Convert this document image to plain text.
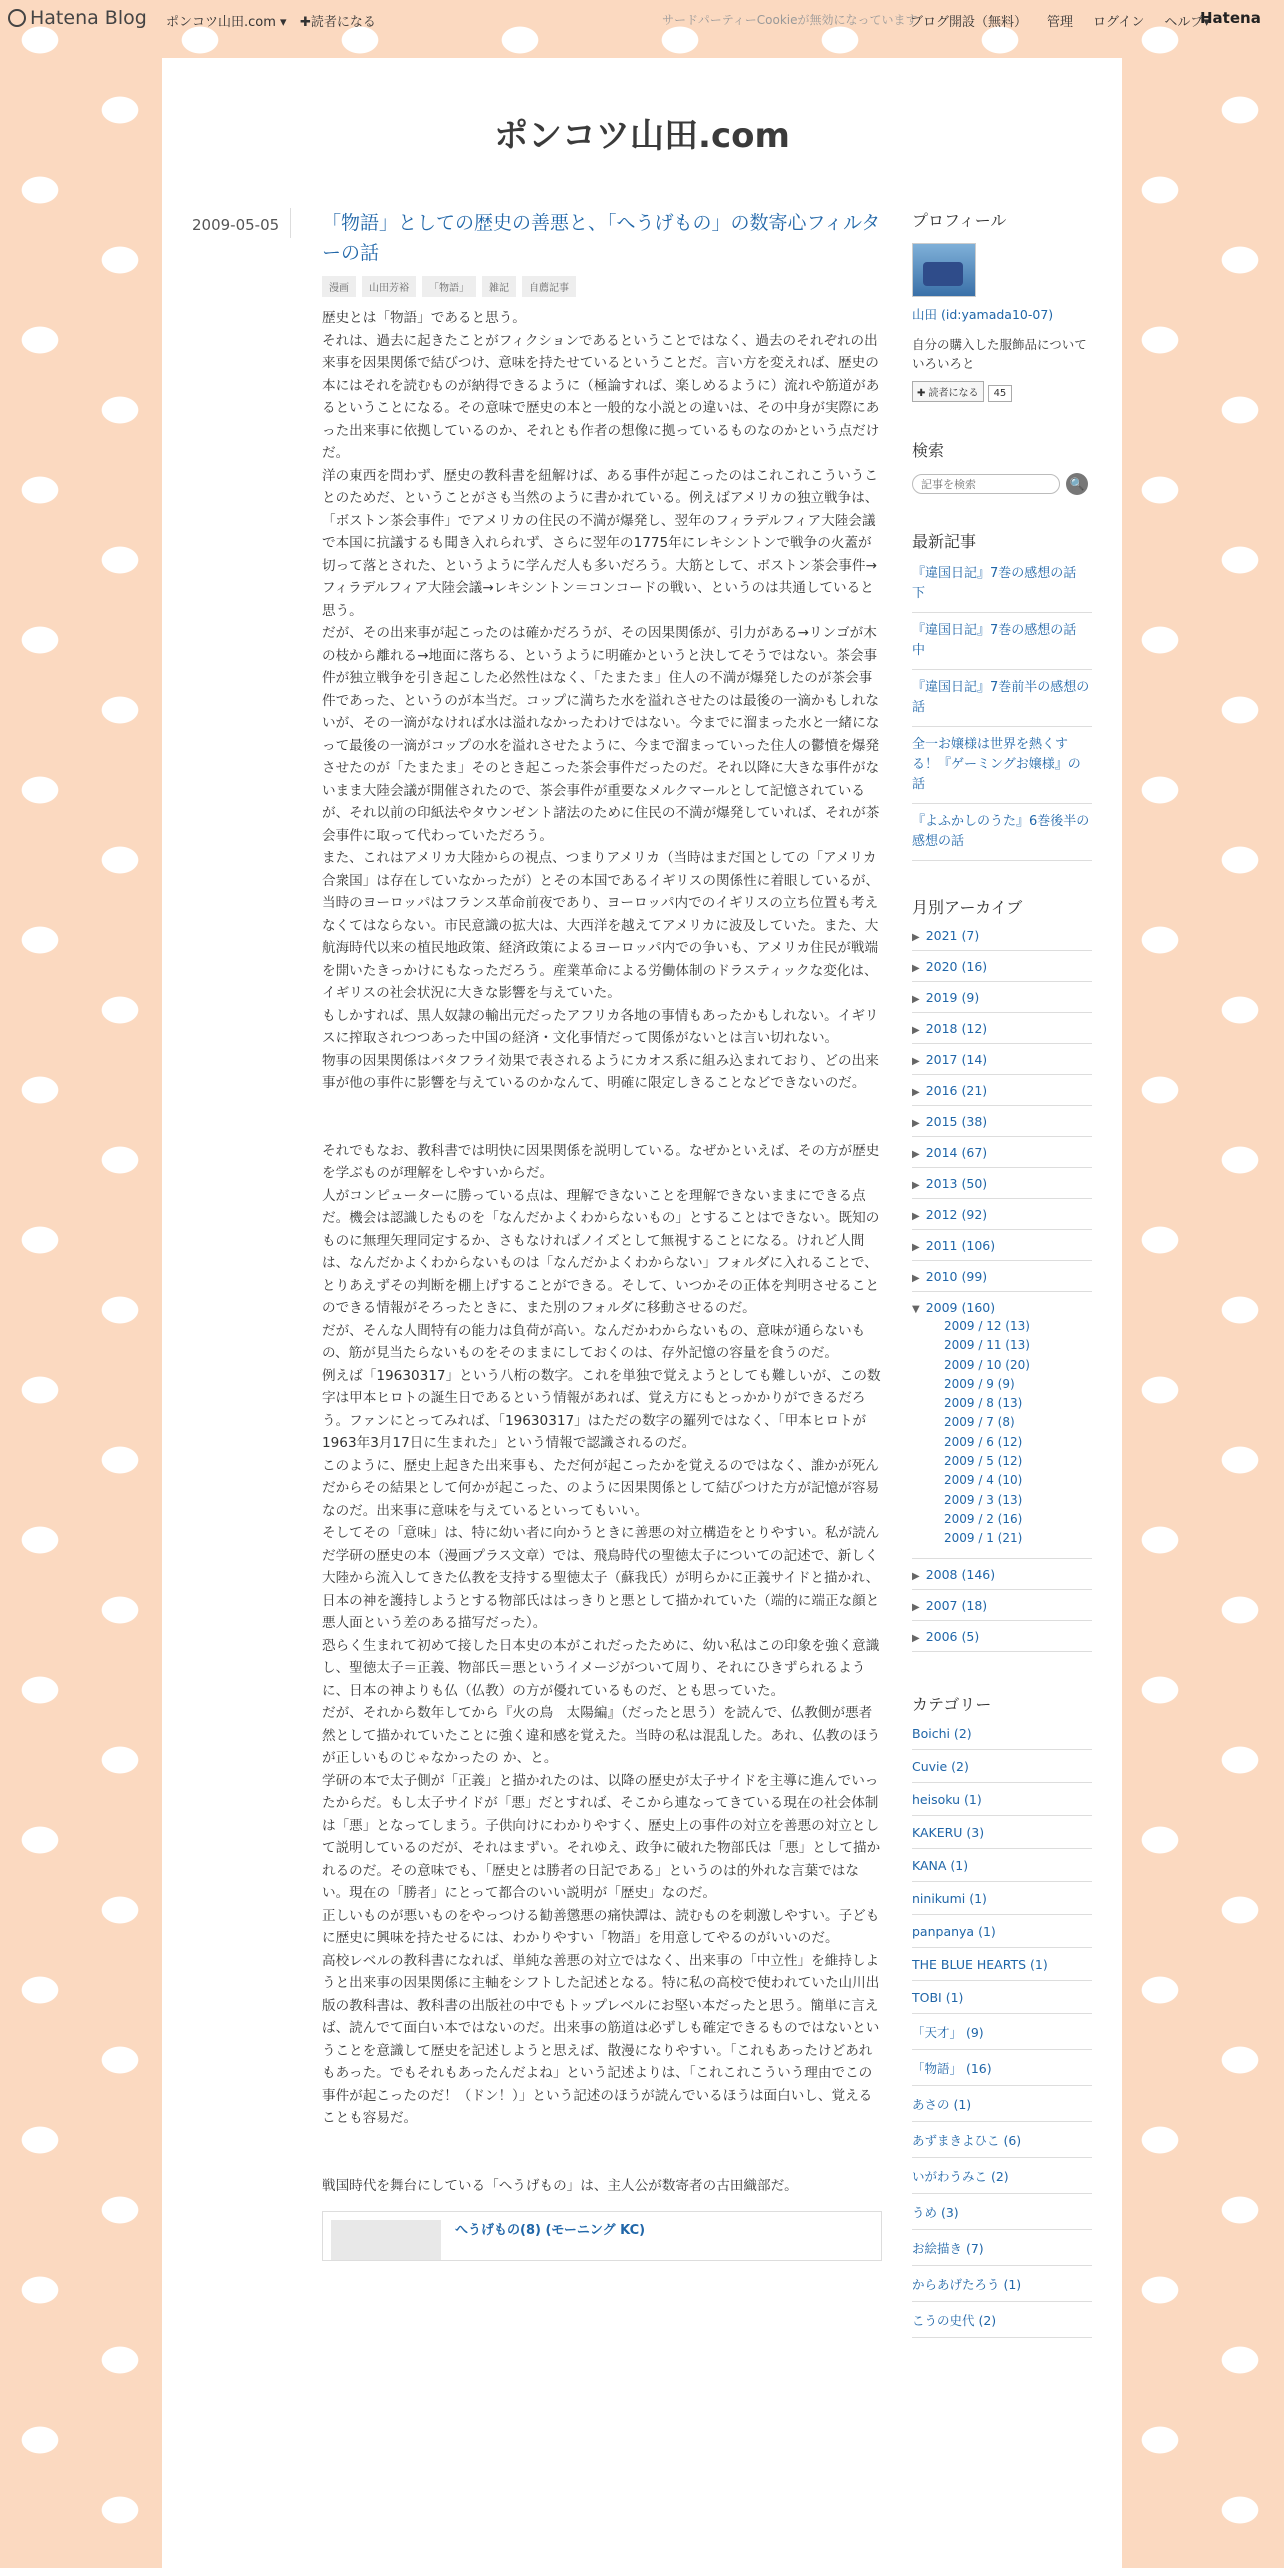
Hatena Blog ポンコツ山田.com ▾ ✚読者になる	サードパーティーCookieが無効になっています
ブログ開設（無料） 管理 ログイン ヘルプ▾
Hatena
ポンコツ山田.com
2009-05-05	「物語」としての歴史の善悪と、「へうげもの」の数寄心フィルターの話
漫画	山田芳裕	「物語」	雑記	自薦記事

歴史とは「物語」であると思う。

それは、過去に起きたことがフィクションであるということではなく、過去のそれぞれの出来事を因果関係で結びつけ、意味を持たせているということだ。言い方を変えれば、歴史の本にはそれを読むものが納得できるように（極論すれば、楽しめるように）流れや筋道があるということになる。その意味で歴史の本と一般的な小説との違いは、その中身が実際にあった出来事に依拠しているのか、それとも作者の想像に拠っているものなのかという点だけだ。

洋の東西を問わず、歴史の教科書を紐解けば、ある事件が起こったのはこれこれこういうことのためだ、ということがさも当然のように書かれている。例えばアメリカの独立戦争は、「ボストン茶会事件」でアメリカの住民の不満が爆発し、翌年のフィラデルフィア大陸会議で本国に抗議するも聞き入れられず、さらに翌年の1775年にレキシントンで戦争の火蓋が切って落とされた、というように学んだ人も多いだろう。大筋として、ボストン茶会事件→フィラデルフィア大陸会議→レキシントン＝コンコードの戦い、というのは共通していると思う。

だが、その出来事が起こったのは確かだろうが、その因果関係が、引力がある→リンゴが木の枝から離れる→地面に落ちる、というように明確かというと決してそうではない。茶会事件が独立戦争を引き起こした必然性はなく、「たまたま」住人の不満が爆発したのが茶会事件であった、というのが本当だ。コップに満ちた水を溢れさせたのは最後の一滴かもしれないが、その一滴がなければ水は溢れなかったわけではない。今までに溜まった水と一緒になって最後の一滴がコップの水を溢れさせたように、今まで溜まっていった住人の鬱憤を爆発させたのが「たまたま」そのとき起こった茶会事件だったのだ。それ以降に大きな事件がないまま大陸会議が開催されたので、茶会事件が重要なメルクマールとして記憶されているが、それ以前の印紙法やタウンゼント諸法のために住民の不満が爆発していれば、それが茶会事件に取って代わっていただろう。

また、これはアメリカ大陸からの視点、つまりアメリカ（当時はまだ国としての「アメリカ合衆国」は存在していなかったが）とその本国であるイギリスの関係性に着眼しているが、当時のヨーロッパはフランス革命前夜であり、ヨーロッパ内でのイギリスの立ち位置も考えなくてはならない。市民意識の拡大は、大西洋を越えてアメリカに波及していた。また、大航海時代以来の植民地政策、経済政策によるヨーロッパ内での争いも、アメリカ住民が戦端を開いたきっかけにもなっただろう。産業革命による労働体制のドラスティックな変化は、イギリスの社会状況に大きな影響を与えていた。

もしかすれば、黒人奴隷の輸出元だったアフリカ各地の事情もあったかもしれない。イギリスに搾取されつつあった中国の経済・文化事情だって関係がないとは言い切れない。

物事の因果関係はバタフライ効果で表されるようにカオス系に組み込まれており、どの出来事が他の事件に影響を与えているのかなんて、明確に限定しきることなどできないのだ。

それでもなお、教科書では明快に因果関係を説明している。なぜかといえば、その方が歴史を学ぶものが理解をしやすいからだ。

人がコンピューターに勝っている点は、理解できないことを理解できないままにできる点だ。機会は認識したものを「なんだかよくわからないもの」とすることはできない。既知のものに無理矢理同定するか、さもなければノイズとして無視することになる。けれど人間は、なんだかよくわからないものは「なんだかよくわからない」フォルダに入れることで、とりあえずその判断を棚上げすることができる。そして、いつかその正体を判明させることのできる情報がそろったときに、また別のフォルダに移動させるのだ。

だが、そんな人間特有の能力は負荷が高い。なんだかわからないもの、意味が通らないもの、筋が見当たらないものをそのままにしておくのは、存外記憶の容量を食うのだ。

例えば「19630317」という八桁の数字。これを単独で覚えようとしても難しいが、この数字は甲本ヒロトの誕生日であるという情報があれば、覚え方にもとっかかりができるだろう。ファンにとってみれば、「19630317」はただの数字の羅列ではなく、「甲本ヒロトが1963年3月17日に生まれた」という情報で認識されるのだ。

このように、歴史上起きた出来事も、ただ何が起こったかを覚えるのではなく、誰かが死んだからその結果として何かが起こった、のように因果関係として結びつけた方が記憶が容易なのだ。出来事に意味を与えているといってもいい。

そしてその「意味」は、特に幼い者に向かうときに善悪の対立構造をとりやすい。私が読んだ学研の歴史の本（漫画プラス文章）では、飛鳥時代の聖徳太子についての記述で、新しく大陸から流入してきた仏教を支持する聖徳太子（蘇我氏）が明らかに正義サイドと描かれ、日本の神を護持しようとする物部氏ははっきりと悪として描かれていた（端的に端正な顔と悪人面という差のある描写だった）。

恐らく生まれて初めて接した日本史の本がこれだったために、幼い私はこの印象を強く意識し、聖徳太子＝正義、物部氏＝悪というイメージがついて周り、それにひきずられるように、日本の神よりも仏（仏教）の方が優れているものだ、とも思っていた。

だが、それから数年してから『火の鳥　太陽編』（だったと思う）を読んで、仏教側が悪者然として描かれていたことに強く違和感を覚えた。当時の私は混乱した。あれ、仏教のほうが正しいものじゃなかったの か、と。

学研の本で太子側が「正義」と描かれたのは、以降の歴史が太子サイドを主導に進んでいったからだ。もし太子サイドが「悪」だとすれば、そこから連なってきている現在の社会体制は「悪」となってしまう。子供向けにわかりやすく、歴史上の事件の対立を善悪の対立として説明しているのだが、それはまずい。それゆえ、政争に破れた物部氏は「悪」として描かれるのだ。その意味でも、「歴史とは勝者の日記である」というのは的外れな言葉ではない。現在の「勝者」にとって都合のいい説明が「歴史」なのだ。

正しいものが悪いものをやっつける勧善懲悪の痛快譚は、読むものを刺激しやすい。子どもに歴史に興味を持たせるには、わかりやすい「物語」を用意してやるのがいいのだ。

高校レベルの教科書になれば、単純な善悪の対立ではなく、出来事の「中立性」を維持しようと出来事の因果関係に主軸をシフトした記述となる。特に私の高校で使われていた山川出版の教科書は、教科書の出版社の中でもトップレベルにお堅い本だったと思う。簡単に言えば、読んでて面白い本ではないのだ。出来事の筋道は必ずしも確定できるものではないということを意識して歴史を記述しようと思えば、散漫になりやすい。「これもあったけどあれもあった。でもそれもあったんだよね」という記述よりは、「これこれこういう理由でこの事件が起こったのだ！（ドン！）」という記述のほうが読んでいるほうは面白いし、覚えることも容易だ。

戦国時代を舞台にしている「へうげもの」は、主人公が数寄者の古田織部だ。

へうげもの(8) (モーニング KC)
プロフィール
山田 (id:yamada10-07)
自分の購入した服飾品についていろいろと
✚ 読者になる 45
検索
記事を検索
🔍
最新記事
『違国日記』7巻の感想の話　下
『違国日記』7巻の感想の話　中
『違国日記』7巻前半の感想の話
全一お嬢様は世界を熱くする！『ゲーミングお嬢様』の話
『よふかしのうた』6巻後半の感想の話
月別アーカイブ
▶ 2021 (7)
▶ 2020 (16)
▶ 2019 (9)
▶ 2018 (12)
▶ 2017 (14)
▶ 2016 (21)
▶ 2015 (38)
▶ 2014 (67)
▶ 2013 (50)
▶ 2012 (92)
▶ 2011 (106)
▶ 2010 (99)
▼ 2009 (160)
2009 / 12 (13)
2009 / 11 (13)
2009 / 10 (20)
2009 / 9 (9)
2009 / 8 (13)
2009 / 7 (8)
2009 / 6 (12)
2009 / 5 (12)
2009 / 4 (10)
2009 / 3 (13)
2009 / 2 (16)
2009 / 1 (21)
▶ 2008 (146)
▶ 2007 (18)
▶ 2006 (5)
カテゴリー
Boichi (2)
Cuvie (2)
heisoku (1)
KAKERU (3)
KANA (1)
ninikumi (1)
panpanya (1)
THE BLUE HEARTS (1)
TOBI (1)
「天才」 (9)
「物語」 (16)
あさの (1)
あずまきよひこ (6)
いがわうみこ (2)
うめ (3)
お絵描き (7)
からあげたろう (1)
こうの史代 (2)
